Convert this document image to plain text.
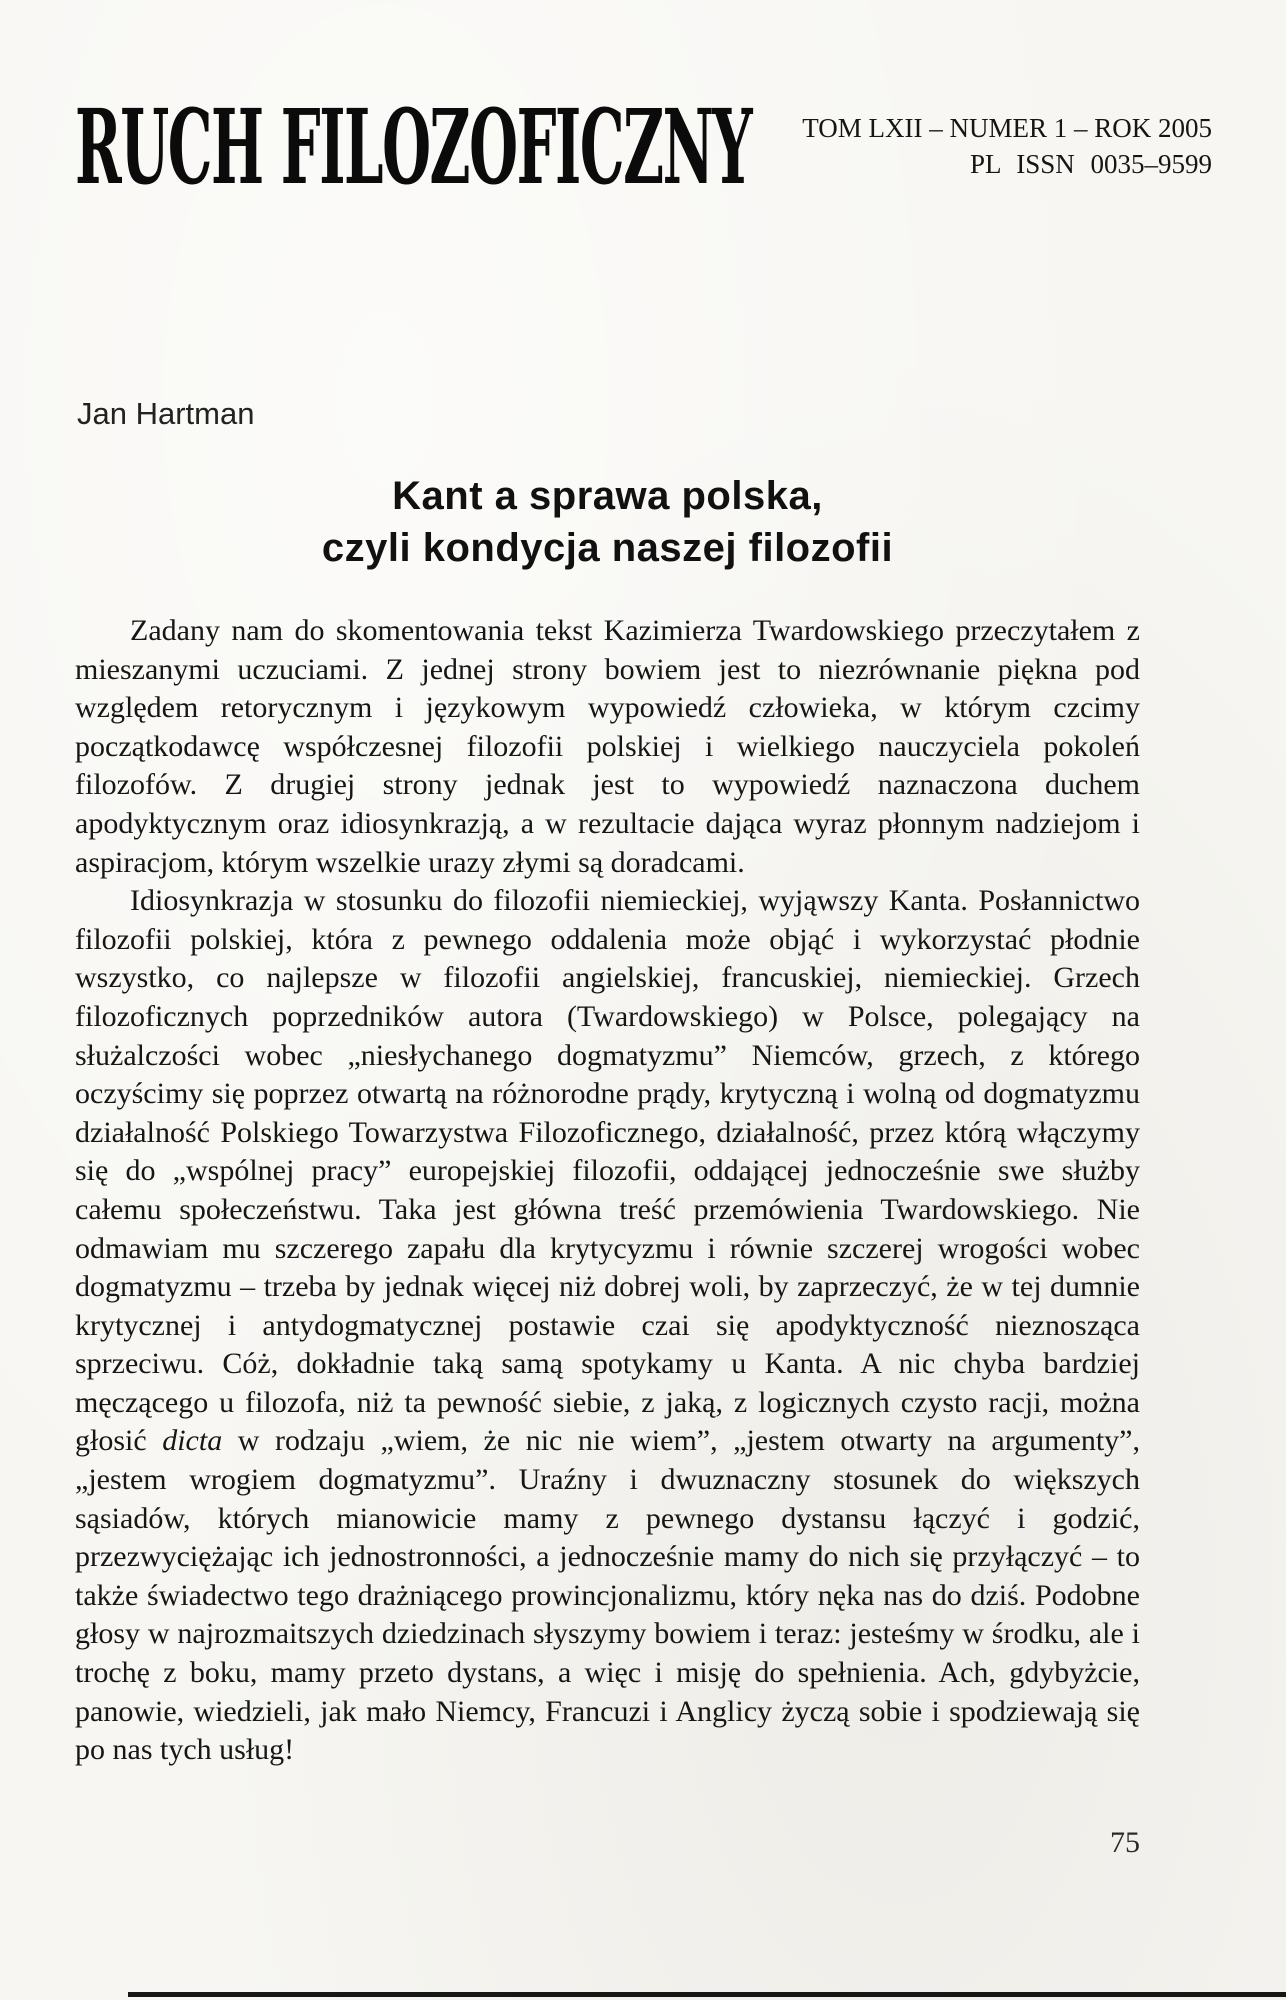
RUCH FILOZOFICZNY TOM LXII – NUMER 1 – ROK 2005
PL ISSN 0035–9599
Jan Hartman
Kant a sprawa polska,
czyli kondycja naszej filozofii

Zadany nam do skomentowania tekst Kazimierza Twardowskiego przeczytałem z mieszanymi uczuciami. Z jednej strony bowiem jest to niezrównanie piękna pod względem retorycznym i językowym wypowiedź człowieka, w którym czcimy początkodawcę współczesnej filozofii polskiej i wielkiego nauczyciela pokoleń filozofów. Z drugiej strony jednak jest to wypowiedź naznaczona duchem apodyktycznym oraz idiosynkrazją, a w rezultacie dająca wyraz płonnym nadziejom i aspiracjom, którym wszelkie urazy złymi są doradcami.

Idiosynkrazja w stosunku do filozofii niemieckiej, wyjąwszy Kanta. Posłannictwo filozofii polskiej, która z pewnego oddalenia może objąć i wykorzystać płodnie wszystko, co najlepsze w filozofii angielskiej, francuskiej, niemieckiej. Grzech filozoficznych poprzedników autora (Twardowskiego) w Polsce, polegający na służalczości wobec „niesłychanego dogmatyzmu” Niemców, grzech, z którego oczyścimy się poprzez otwartą na różnorodne prądy, krytyczną i wolną od dogmatyzmu działalność Polskiego Towarzystwa Filozoficznego, działalność, przez którą włączymy się do „wspólnej pracy” europejskiej filozofii, oddającej jednocześnie swe służby całemu społeczeństwu. Taka jest główna treść przemówienia Twardowskiego. Nie odmawiam mu szczerego zapału dla krytycyzmu i równie szczerej wrogości wobec dogmatyzmu – trzeba by jednak więcej niż dobrej woli, by zaprzeczyć, że w tej dumnie krytycznej i antydogmatycznej postawie czai się apodyktyczność nieznosząca sprzeciwu. Cóż, dokładnie taką samą spotykamy u Kanta. A nic chyba bardziej męczącego u filozofa, niż ta pewność siebie, z jaką, z logicznych czysto racji, można głosić dicta w rodzaju „wiem, że nic nie wiem”, „jestem otwarty na argumenty”, „jestem wrogiem dogmatyzmu”. Uraźny i dwuznaczny stosunek do większych sąsiadów, których mianowicie mamy z pewnego dystansu łączyć i godzić, przezwyciężając ich jednostronności, a jednocześnie mamy do nich się przyłączyć – to także świadectwo tego drażniącego prowincjonalizmu, który nęka nas do dziś. Podobne głosy w najrozmaitszych dziedzinach słyszymy bowiem i teraz: jesteśmy w środku, ale i trochę z boku, mamy przeto dystans, a więc i misję do spełnienia. Ach, gdybyżcie, panowie, wiedzieli, jak mało Niemcy, Francuzi i Anglicy życzą sobie i spodziewają się po nas tych usług!

75
